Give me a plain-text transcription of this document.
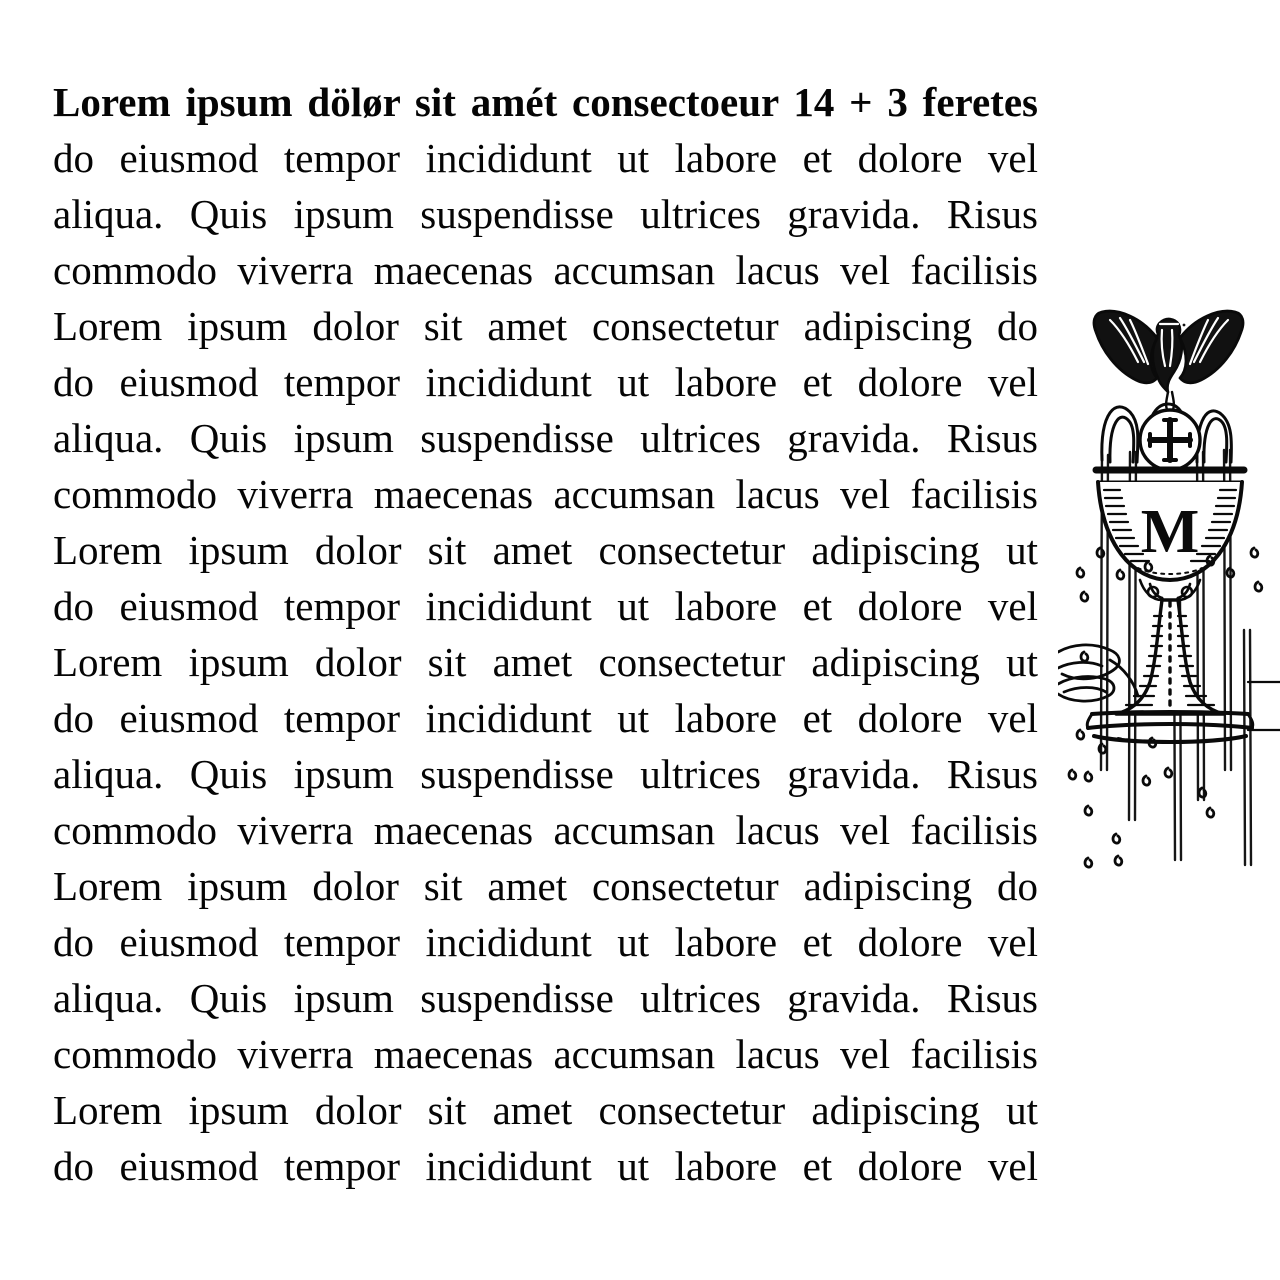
Lorem ipsum dölør sit amét consectoeur 14 + 3 feretes
do eiusmod tempor incididunt ut labore et dolore vel
aliqua. Quis ipsum suspendisse ultrices gravida. Risus
commodo viverra maecenas accumsan lacus vel facilisis
Lorem ipsum dolor sit amet consectetur adipiscing do
do eiusmod tempor incididunt ut labore et dolore vel
aliqua. Quis ipsum suspendisse ultrices gravida. Risus
commodo viverra maecenas accumsan lacus vel facilisis
Lorem ipsum dolor sit amet consectetur adipiscing ut
do eiusmod tempor incididunt ut labore et dolore vel
Lorem ipsum dolor sit amet consectetur adipiscing ut
do eiusmod tempor incididunt ut labore et dolore vel
aliqua. Quis ipsum suspendisse ultrices gravida. Risus
commodo viverra maecenas accumsan lacus vel facilisis
Lorem ipsum dolor sit amet consectetur adipiscing do
do eiusmod tempor incididunt ut labore et dolore vel
aliqua. Quis ipsum suspendisse ultrices gravida. Risus
commodo viverra maecenas accumsan lacus vel facilisis
Lorem ipsum dolor sit amet consectetur adipiscing ut
do eiusmod tempor incididunt ut labore et dolore vel
M
